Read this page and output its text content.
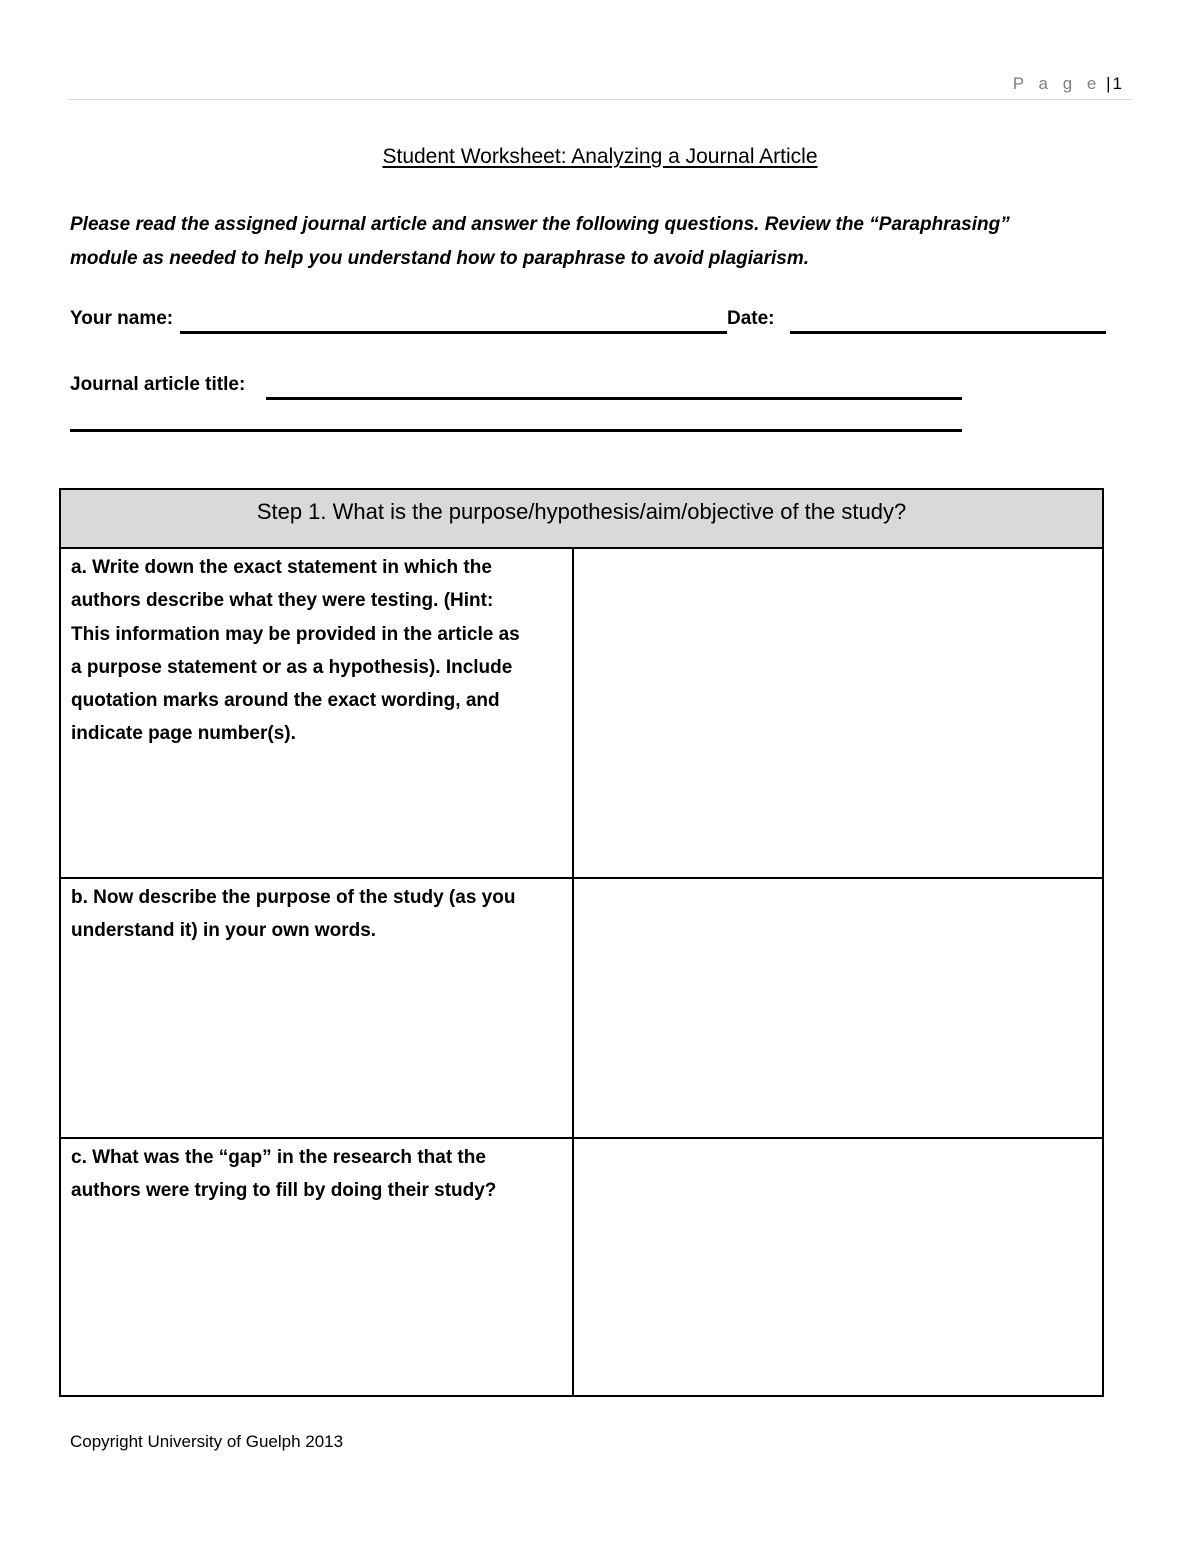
P a g e | 1
Student Worksheet: Analyzing a Journal Article
Please read the assigned journal article and answer the following questions. Review the “Paraphrasing”
module as needed to help you understand how to paraphrase to avoid plagiarism.
Your name:	Date:
Journal article title:
Step 1. What is the purpose/hypothesis/aim/objective of the study?
a. Write down the exact statement in which the
authors describe what they were testing. (Hint:
This information may be provided in the article as
a purpose statement or as a hypothesis). Include
quotation marks around the exact wording, and
indicate page number(s).
b. Now describe the purpose of the study (as you
understand it) in your own words.
c. What was the “gap” in the research that the
authors were trying to fill by doing their study?
Copyright University of Guelph 2013
